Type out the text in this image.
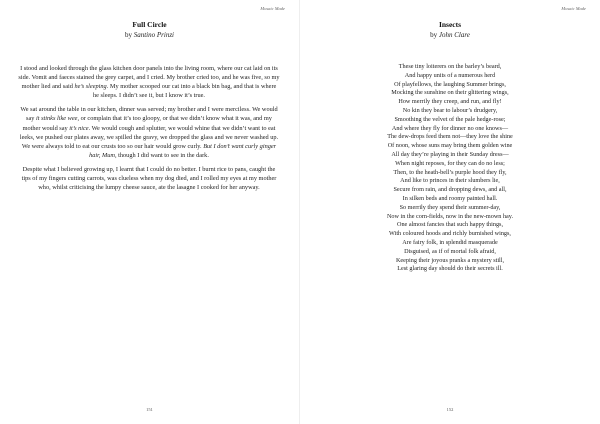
Mosaic Made
Full Circle
by Santino Prinzi

I stood and looked through the glass kitchen door panels into the living room, where our cat laid on its side. Vomit and faeces stained the grey carpet, and I cried. My brother cried too, and he was five, so my mother lied and said he’s sleeping. My mother scooped our cat into a black bin bag, and that is where he sleeps. I didn’t see it, but I know it’s true.

We sat around the table in our kitchen, dinner was served; my brother and I were merciless. We would say it stinks like wee, or complain that it’s too gloopy, or that we didn’t know what it was, and my mother would say it’s nice. We would cough and splutter, we would whine that we didn’t want to eat leeks, we pushed our plates away, we spilled the gravy, we dropped the glass and we never washed up. We were always told to eat our crusts too so our hair would grow curly. But I don’t want curly ginger hair, Mum, though I did want to see in the dark.

Despite what I believed growing up, I learnt that I could do no better. I burnt rice to pans, caught the tips of my fingers cutting carrots, was clueless when my dog died, and I rolled my eyes at my mother who, whilst criticising the lumpy cheese sauce, ate the lasagne I cooked for her anyway.

151
Mosaic Made
Insects
by John Clare
These tiny loiterers on the barley’s beard,
And happy units of a numerous herd
Of playfellows, the laughing Summer brings,
Mocking the sunshine on their glittering wings,
How merrily they creep, and run, and fly!
No kin they bear to labour’s drudgery,
Smoothing the velvet of the pale hedge-rose;
And where they fly for dinner no one knows—
The dew-drops feed them not—they love the shine
Of noon, whose suns may bring them golden wine
All day they’re playing in their Sunday dress—
When night reposes, for they can do no less;
Then, to the heath-bell’s purple hood they fly,
And like to princes in their slumbers lie,
Secure from rain, and dropping dews, and all,
In silken beds and roomy painted hall.
So merrily they spend their summer-day,
Now in the corn-fields, now in the new-mown hay.
One almost fancies that such happy things,
With coloured hoods and richly burnished wings,
Are fairy folk, in splendid masquerade
Disguised, as if of mortal folk afraid,
Keeping their joyous pranks a mystery still,
Lest glaring day should do their secrets ill.
152
